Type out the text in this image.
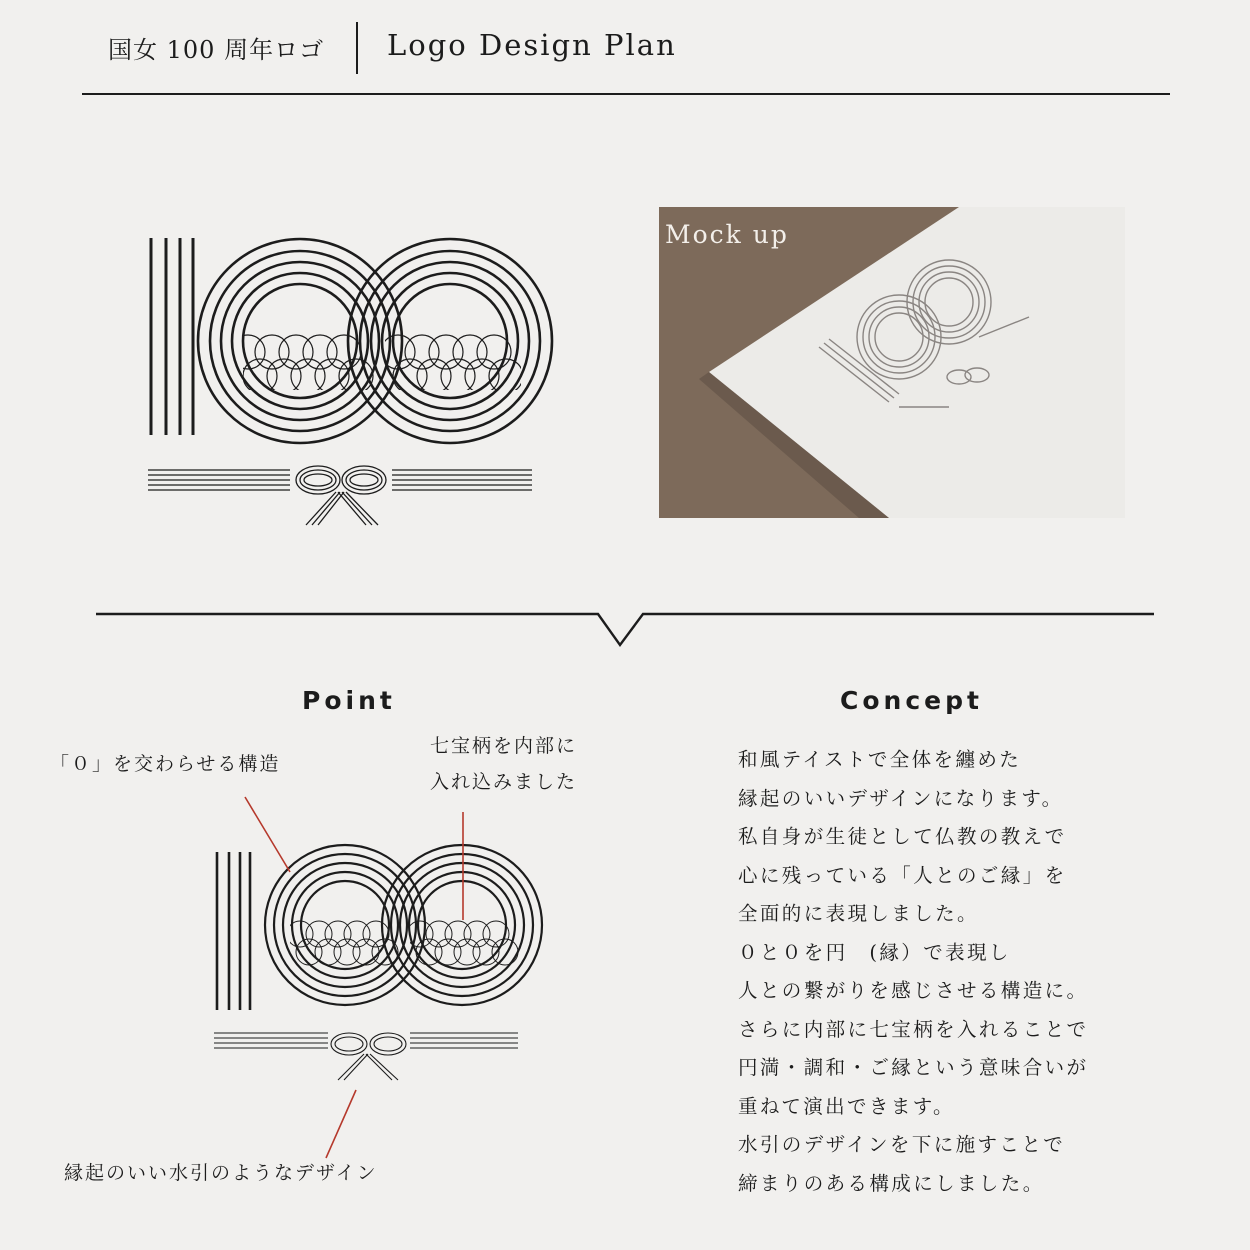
国女 100 周年ロゴ Logo Design Plan
Mock up
Point
「０」を交わらせる構造
七宝柄を内部に
入れ込みました
縁起のいい水引のようなデザイン
Concept
和風テイストで全体を纏めた
縁起のいいデザインになります。
私自身が生徒として仏教の教えで
心に残っている「人とのご縁」を
全面的に表現しました。
０と０を円　(縁）で表現し
人との繋がりを感じさせる構造に。
さらに内部に七宝柄を入れることで
円満・調和・ご縁という意味合いが
重ねて演出できます。
水引のデザインを下に施すことで
締まりのある構成にしました。
